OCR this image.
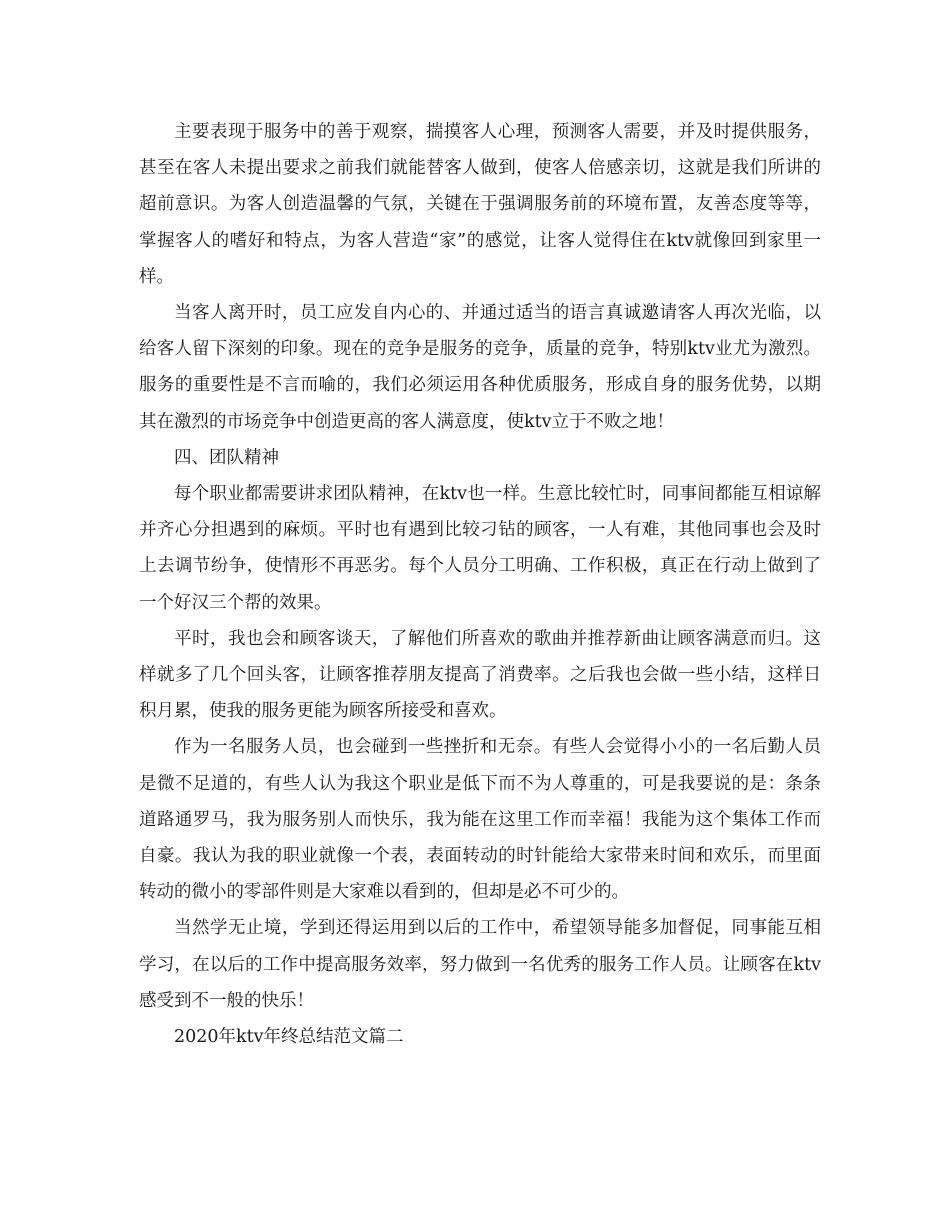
主要表现于服务中的善于观察，揣摸客人心理，预测客人需要，并及时提供服务，甚至在客人未提出要求之前我们就能替客人做到，使客人倍感亲切，这就是我们所讲的超前意识。为客人创造温馨的气氛，关键在于强调服务前的环境布置，友善态度等等，掌握客人的嗜好和特点，为客人营造“家”的感觉，让客人觉得住在ktv就像回到家里一样。

当客人离开时，员工应发自内心的、并通过适当的语言真诚邀请客人再次光临，以给客人留下深刻的印象。现在的竞争是服务的竞争，质量的竞争，特别ktv业尤为激烈。服务的重要性是不言而喻的，我们必须运用各种优质服务，形成自身的服务优势，以期其在激烈的市场竞争中创造更高的客人满意度，使ktv立于不败之地！

四、团队精神

每个职业都需要讲求团队精神，在ktv也一样。生意比较忙时，同事间都能互相谅解并齐心分担遇到的麻烦。平时也有遇到比较刁钻的顾客，一人有难，其他同事也会及时上去调节纷争，使情形不再恶劣。每个人员分工明确、工作积极，真正在行动上做到了一个好汉三个帮的效果。

平时，我也会和顾客谈天，了解他们所喜欢的歌曲并推荐新曲让顾客满意而归。这样就多了几个回头客，让顾客推荐朋友提高了消费率。之后我也会做一些小结，这样日积月累，使我的服务更能为顾客所接受和喜欢。

作为一名服务人员，也会碰到一些挫折和无奈。有些人会觉得小小的一名后勤人员是微不足道的，有些人认为我这个职业是低下而不为人尊重的，可是我要说的是：条条道路通罗马，我为服务别人而快乐，我为能在这里工作而幸福！我能为这个集体工作而自豪。我认为我的职业就像一个表，表面转动的时针能给大家带来时间和欢乐，而里面转动的微小的零部件则是大家难以看到的，但却是必不可少的。

当然学无止境，学到还得运用到以后的工作中，希望领导能多加督促，同事能互相学习，在以后的工作中提高服务效率，努力做到一名优秀的服务工作人员。让顾客在ktv感受到不一般的快乐！

2020年ktv年终总结范文篇二
